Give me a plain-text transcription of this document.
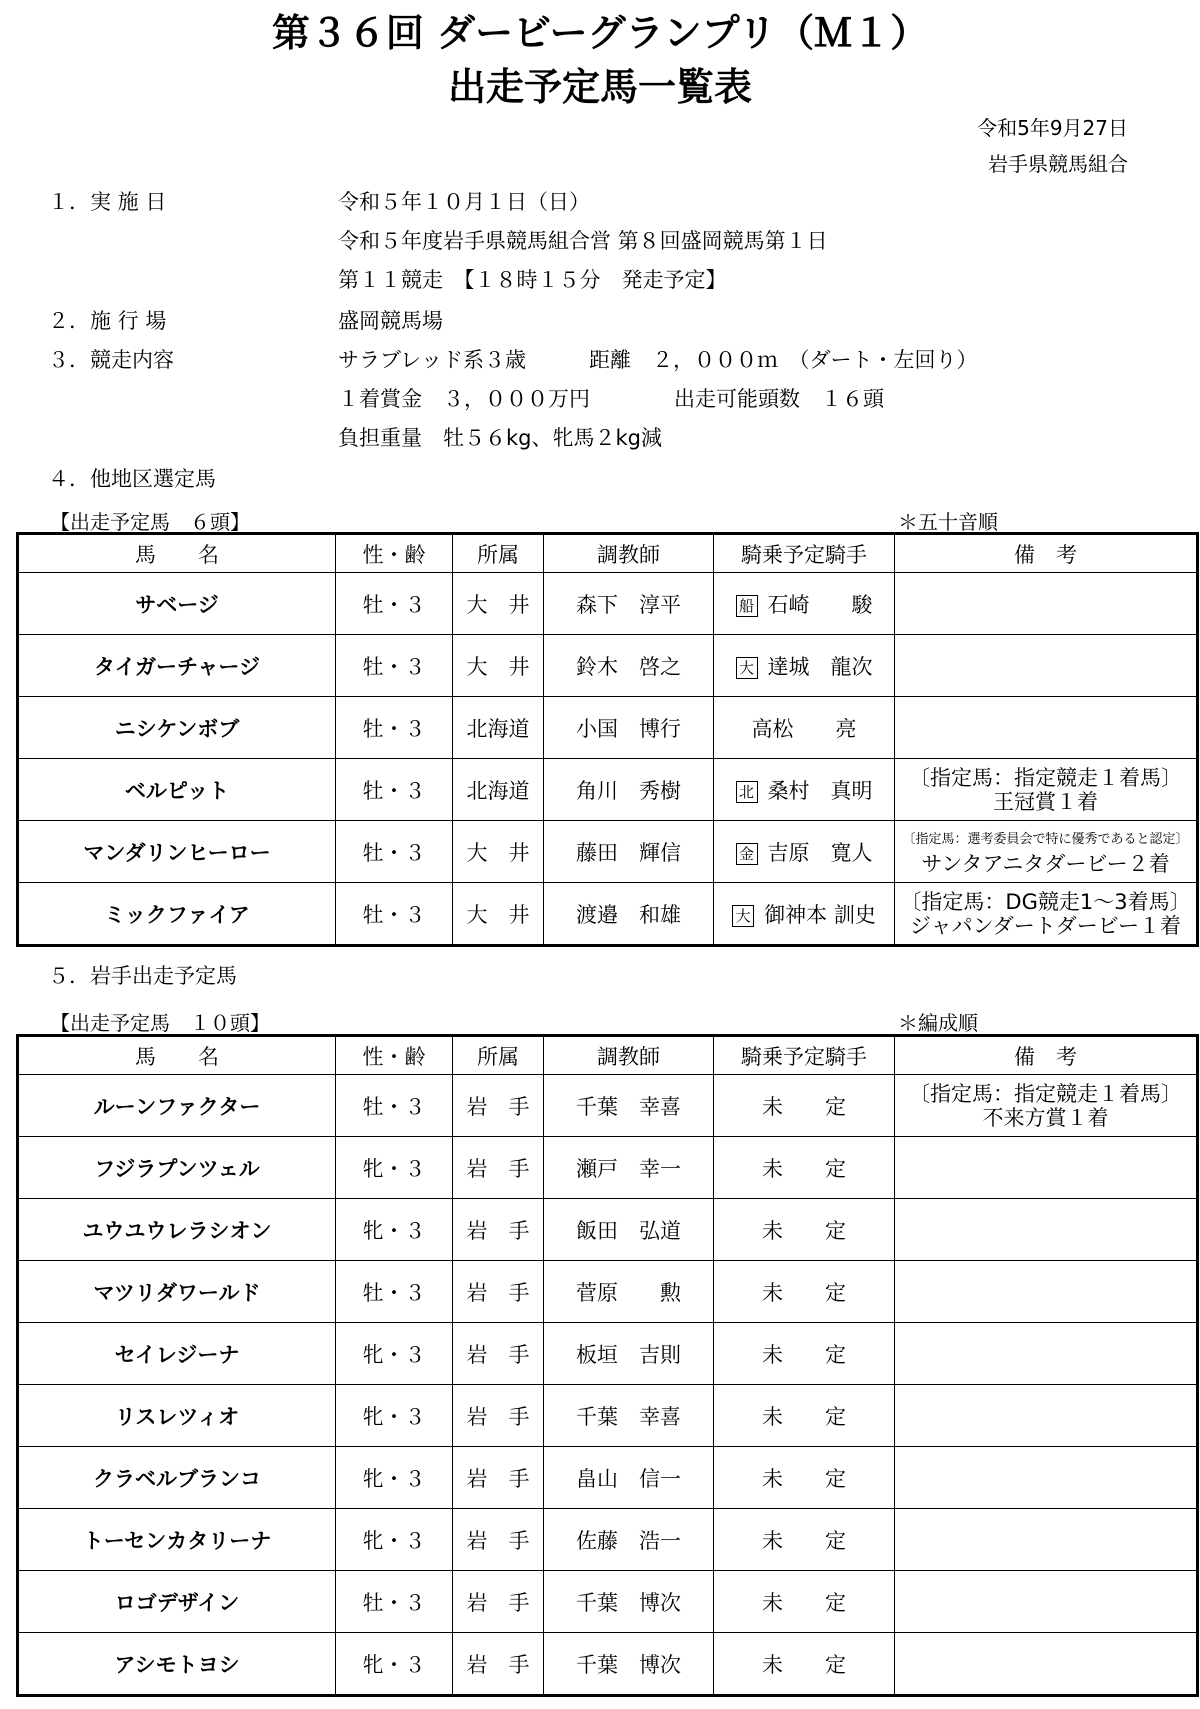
第３６回 ダービーグランプリ（Ｍ１）
出走予定馬一覧表
令和5年9月27日
岩手県競馬組合
１．実 施 日	令和５年１０月１日（日）
令和５年度岩手県競馬組合営 第８回盛岡競馬第１日
第１１競走　【１８時１５分　発走予定】
２．施 行 場	盛岡競馬場
３．競走内容	サラブレッド系３歳　　　距離　２，０００ｍ　（ダート・左回り）
１着賞金　３，０００万円　　　　出走可能頭数　１６頭
負担重量　牡５６kg、牝馬２kg減
４．他地区選定馬
【出走予定馬　６頭】	＊五十音順
馬　　名	性・齢	所属	調教師	騎乗予定騎手	備　考
サベージ	牡・３	大　井	森下　淳平	船 石崎　　駿	

タイガーチャージ	牡・３	大　井	鈴木　啓之	大 達城　龍次	

ニシケンボブ	牡・３	北海道	小国　博行	高松　　亮	

ベルピット	牡・３	北海道	角川　秀樹	北 桑村　真明	〔指定馬：指定競走１着馬〕
王冠賞１着

マンダリンヒーロー	牡・３	大　井	藤田　輝信	金 吉原　寛人	〔指定馬：選考委員会で特に優秀であると認定〕
サンタアニタダービー２着

ミックファイア	牡・３	大　井	渡邉　和雄	大 御神本 訓史	〔指定馬：DG競走1～3着馬〕
ジャパンダートダービー１着
５．岩手出走予定馬
【出走予定馬　１０頭】	＊編成順
馬　　名	性・齢	所属	調教師	騎乗予定騎手	備　考
ルーンファクター	牡・３	岩　手	千葉　幸喜	未　　定	〔指定馬：指定競走１着馬〕
不来方賞１着

フジラプンツェル	牝・３	岩　手	瀬戸　幸一	未　　定	

ユウユウレラシオン	牝・３	岩　手	飯田　弘道	未　　定	

マツリダワールド	牡・３	岩　手	菅原　　勲	未　　定	

セイレジーナ	牝・３	岩　手	板垣　吉則	未　　定	

リスレツィオ	牝・３	岩　手	千葉　幸喜	未　　定	

クラベルブランコ	牝・３	岩　手	畠山　信一	未　　定	

トーセンカタリーナ	牝・３	岩　手	佐藤　浩一	未　　定	

ロゴデザイン	牡・３	岩　手	千葉　博次	未　　定	

アシモトヨシ	牝・３	岩　手	千葉　博次	未　　定	
